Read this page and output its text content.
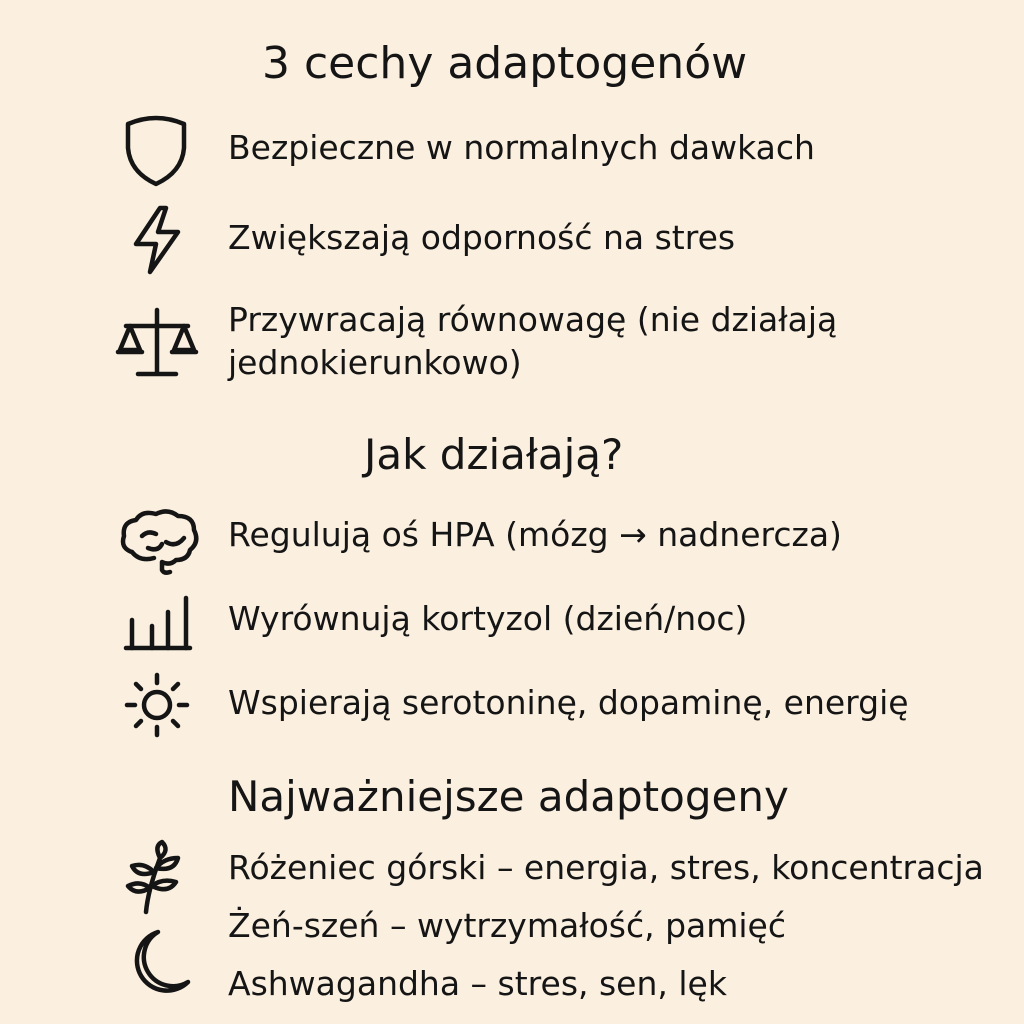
3 cechy adaptogenów
Bezpieczne w normalnych dawkach
Zwiększają odporność na stres
Przywracają równowagę (nie działają
jednokierunkowo)
Jak działają?
Regulują oś HPA (mózg → nadnercza)
Wyrównują kortyzol (dzień/noc)
Wspierają serotoninę, dopaminę, energię
Najważniejsze adaptogeny
Różeniec górski – energia, stres, koncentracja
Żeń-szeń – wytrzymałość, pamięć
Ashwagandha – stres, sen, lęk
